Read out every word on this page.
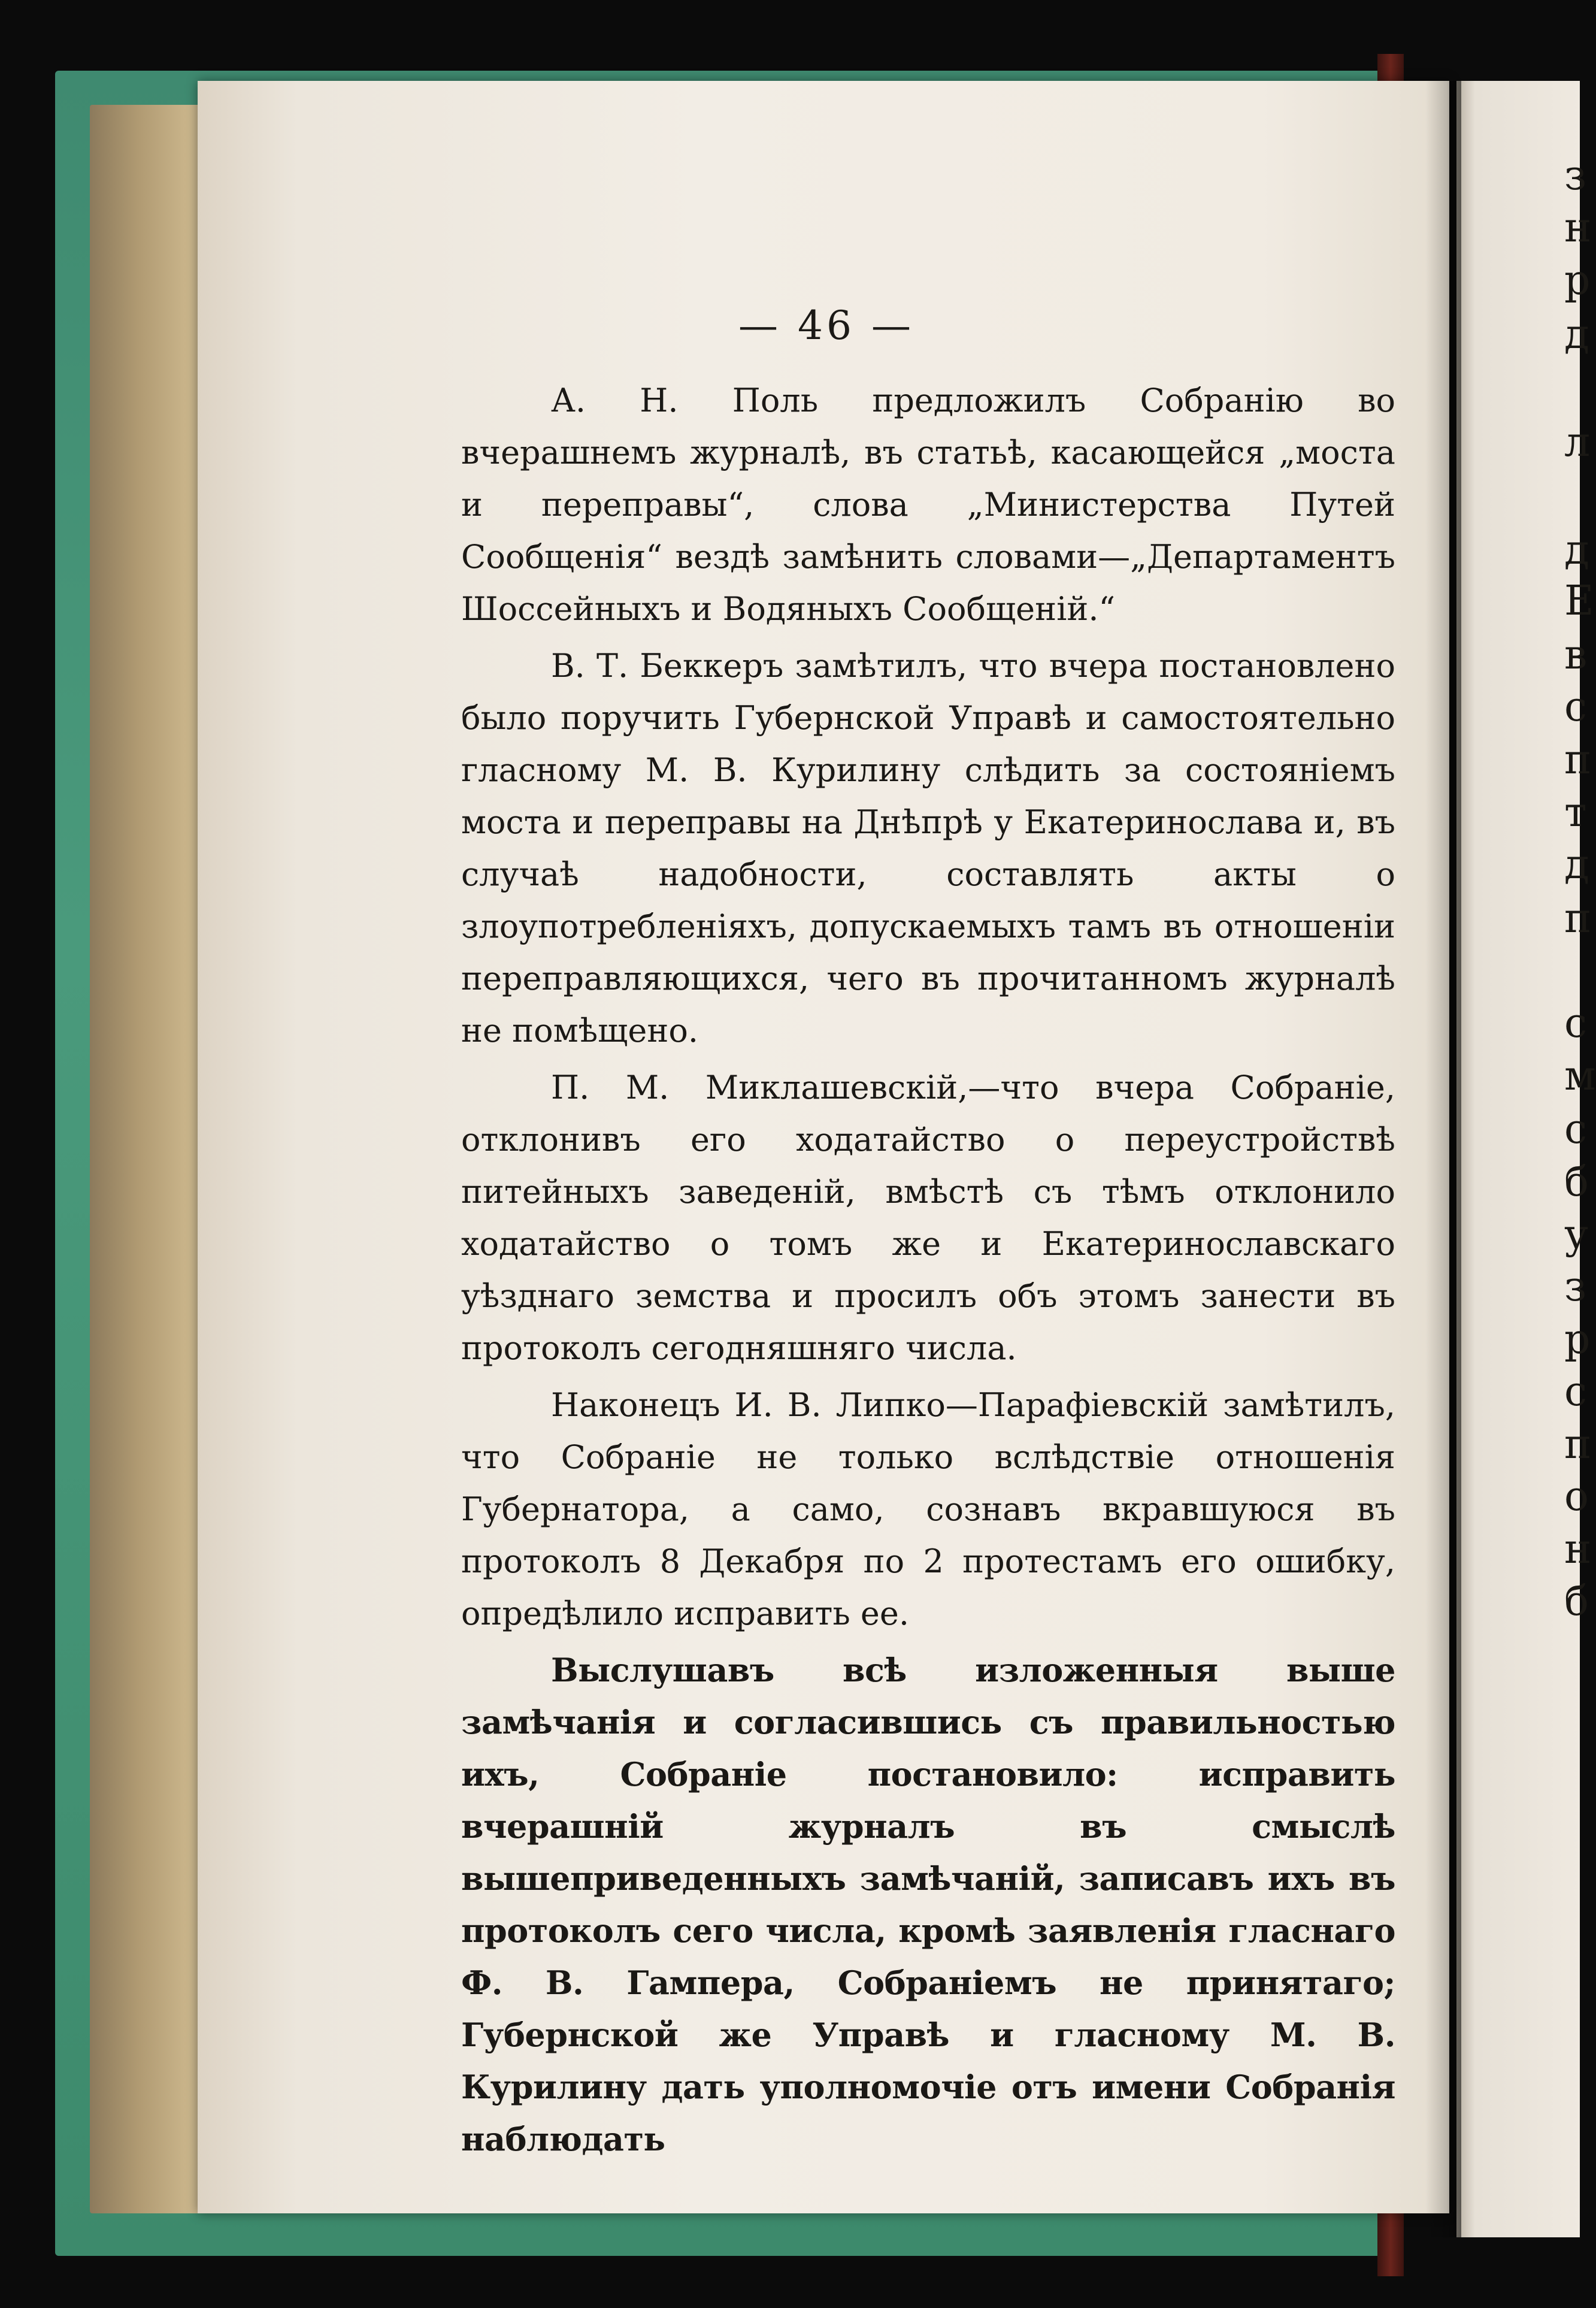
з
н
р
д
л
д
Е
в
с
п
т
д
п
с
м
с
б
у
з
р
с
п
о
н
б
— 46 —

А. Н. Поль предложилъ Собранію во вчерашнемъ журналѣ, въ статьѣ, касающейся „моста и переправы“, слова „Министерства Путей Сообщенія“ вездѣ замѣнить словами—„Департаментъ Шоссейныхъ и Водяныхъ Сообщеній.“

В. Т. Беккеръ замѣтилъ, что вчера постановлено было поручить Губернской Управѣ и самостоятельно гласному М. В. Курилину слѣдить за состояніемъ моста и переправы на Днѣпрѣ у Екатеринослава и, въ случаѣ надобности, составлять акты о злоупотребленіяхъ, допускаемыхъ тамъ въ отношеніи переправляющихся, чего въ прочитанномъ журналѣ не помѣщено.

П. М. Миклашевскій,—что вчера Собраніе, отклонивъ его ходатайство о переустройствѣ питейныхъ заведеній, вмѣстѣ съ тѣмъ отклонило ходатайство о томъ же и Екатеринославскаго уѣзднаго земства и просилъ объ этомъ занести въ протоколъ сегодняшняго числа.

Наконецъ И. В. Липко—Парафіевскій замѣтилъ, что Собраніе не только вслѣдствіе отношенія Губернатора, а само, сознавъ вкравшуюся въ протоколъ 8 Декабря по 2 протестамъ его ошибку, опредѣлило исправить ее.

Выслушавъ всѣ изложенныя выше замѣчанія и согласившись съ правильностью ихъ, Собраніе постановило: исправить вчерашній журналъ въ смыслѣ вышеприведенныхъ замѣчаній, записавъ ихъ въ протоколъ сего числа, кромѣ заявленія гласнаго Ф. В. Гампера, Собраніемъ не принятаго; Губернской же Управѣ и гласному М. В. Курилину дать уполномочіе отъ имени Собранія наблюдать
